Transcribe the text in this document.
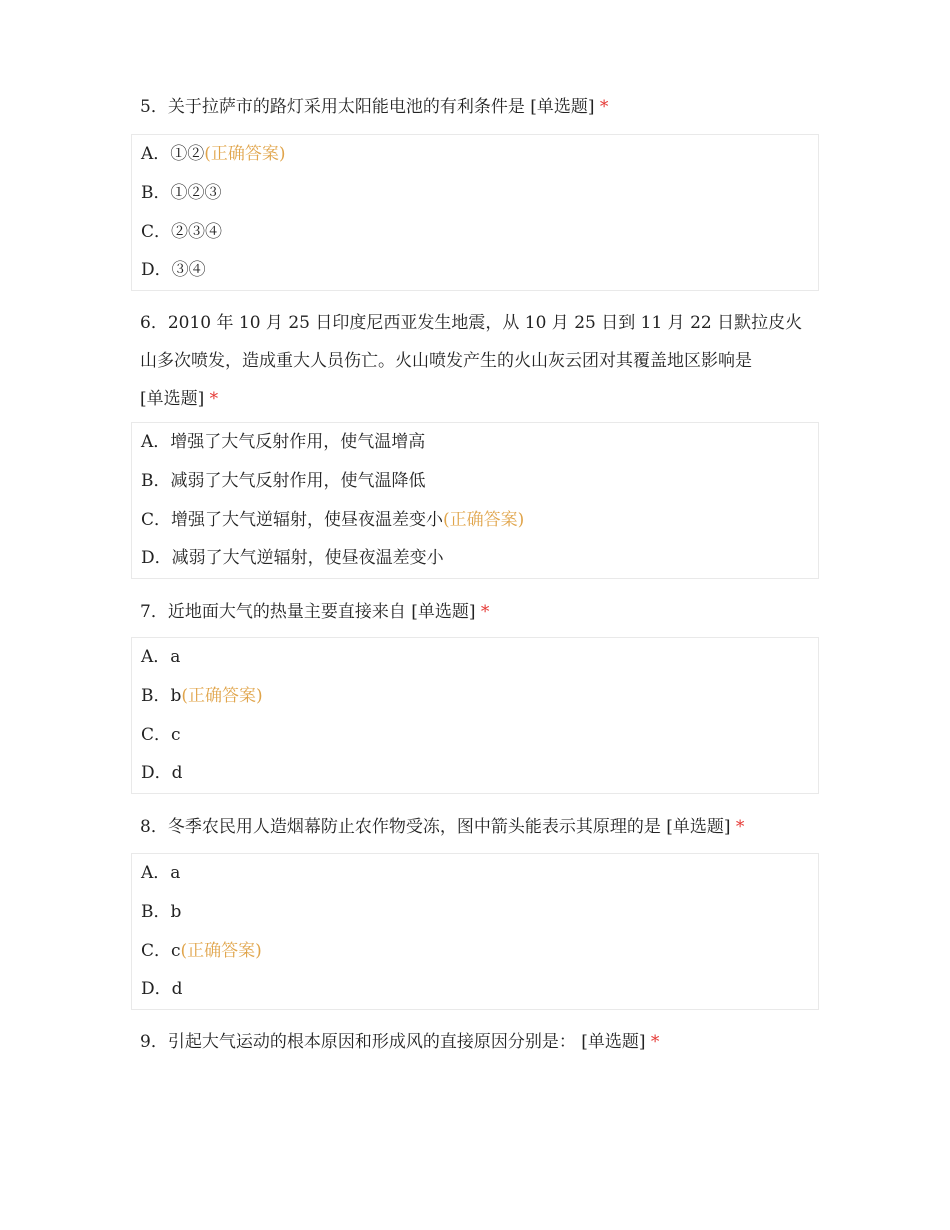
5．关于拉萨市的路灯采用太阳能电池的有利条件是 [单选题] *
A．①②(正确答案)
B．①②③
C．②③④
D．③④
6．2010 年 10 月 25 日印度尼西亚发生地震，从 10 月 25 日到 11 月 22 日默拉皮火
山多次喷发，造成重大人员伤亡。火山喷发产生的火山灰云团对其覆盖地区影响是
[单选题] *
A．增强了大气反射作用，使气温增高
B．减弱了大气反射作用，使气温降低
C．增强了大气逆辐射，使昼夜温差变小(正确答案)
D．减弱了大气逆辐射，使昼夜温差变小
7．近地面大气的热量主要直接来自 [单选题] *
A．a
B．b(正确答案)
C．c
D．d
8．冬季农民用人造烟幕防止农作物受冻，图中箭头能表示其原理的是 [单选题] *
A．a
B．b
C．c(正确答案)
D．d
9．引起大气运动的根本原因和形成风的直接原因分别是： [单选题] *
